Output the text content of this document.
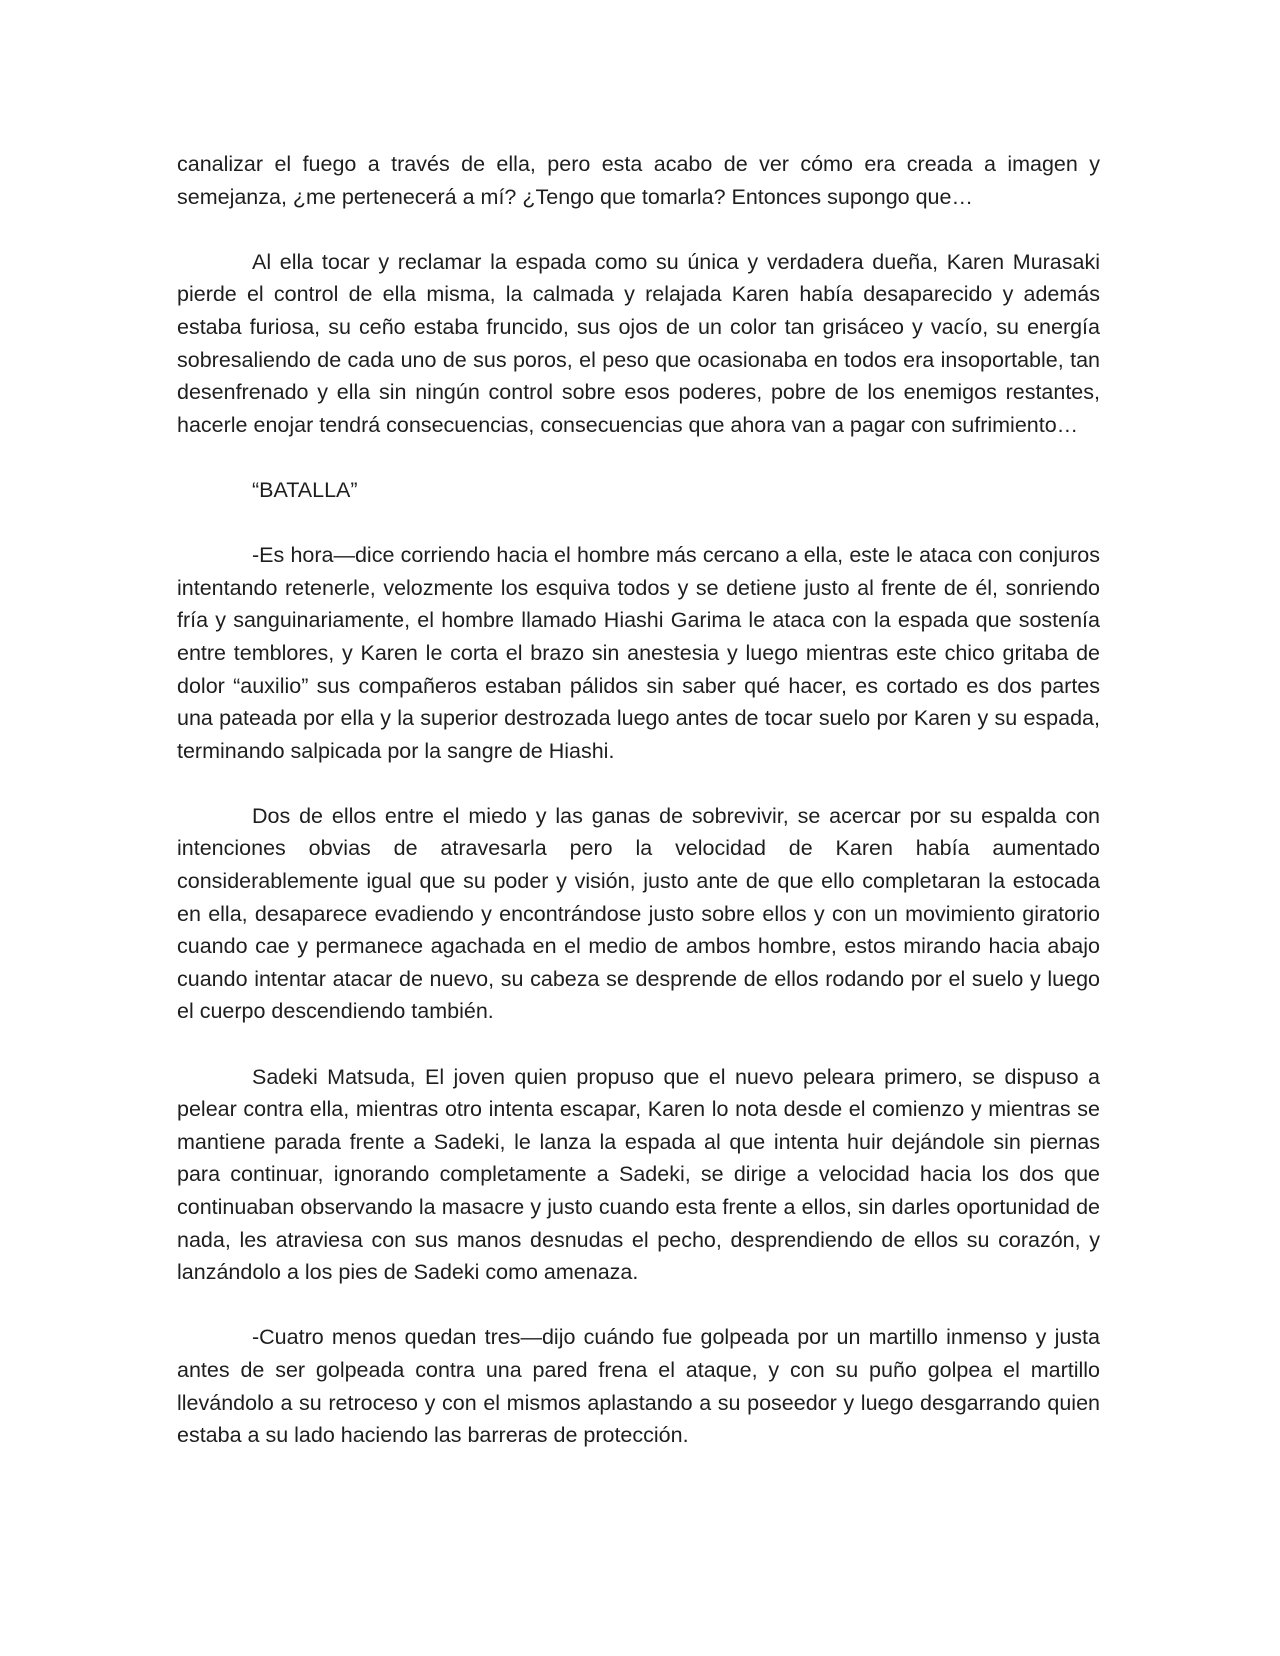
canalizar el fuego a través de ella, pero esta acabo de ver cómo era creada a imagen y semejanza, ¿me pertenecerá a mí? ¿Tengo que tomarla? Entonces supongo que…

Al ella tocar y reclamar la espada como su única y verdadera dueña, Karen Murasaki pierde el control de ella misma, la calmada y relajada Karen había desaparecido y además estaba furiosa, su ceño estaba fruncido, sus ojos de un color tan grisáceo y vacío, su energía sobresaliendo de cada uno de sus poros, el peso que ocasionaba en todos era insoportable, tan desenfrenado y ella sin ningún control sobre esos poderes, pobre de los enemigos restantes, hacerle enojar tendrá consecuencias, consecuencias que ahora van a pagar con sufrimiento…

“BATALLA”

-Es hora—dice corriendo hacia el hombre más cercano a ella, este le ataca con conjuros intentando retenerle, velozmente los esquiva todos y se detiene justo al frente de él, sonriendo fría y sanguinariamente, el hombre llamado Hiashi Garima le ataca con la espada que sostenía entre temblores, y Karen le corta el brazo sin anestesia y luego mientras este chico gritaba de dolor “auxilio” sus compañeros estaban pálidos sin saber qué hacer, es cortado es dos partes una pateada por ella y la superior destrozada luego antes de tocar suelo por Karen y su espada, terminando salpicada por la sangre de Hiashi.

Dos de ellos entre el miedo y las ganas de sobrevivir, se acercar por su espalda con intenciones obvias de atravesarla pero la velocidad de Karen había aumentado considerablemente igual que su poder y visión, justo ante de que ello completaran la estocada en ella, desaparece evadiendo y encontrándose justo sobre ellos y con un movimiento giratorio cuando cae y permanece agachada en el medio de ambos hombre, estos mirando hacia abajo cuando intentar atacar de nuevo, su cabeza se desprende de ellos rodando por el suelo y luego el cuerpo descendiendo también.

Sadeki Matsuda, El joven quien propuso que el nuevo peleara primero, se dispuso a pelear contra ella, mientras otro intenta escapar, Karen lo nota desde el comienzo y mientras se mantiene parada frente a Sadeki, le lanza la espada al que intenta huir dejándole sin piernas para continuar, ignorando completamente a Sadeki, se dirige a velocidad hacia los dos que continuaban observando la masacre y justo cuando esta frente a ellos, sin darles oportunidad de nada, les atraviesa con sus manos desnudas el pecho, desprendiendo de ellos su corazón, y lanzándolo a los pies de Sadeki como amenaza.

-Cuatro menos quedan tres—dijo cuándo fue golpeada por un martillo inmenso y justa antes de ser golpeada contra una pared frena el ataque, y con su puño golpea el martillo llevándolo a su retroceso y con el mismos aplastando a su poseedor y luego desgarrando quien estaba a su lado haciendo las barreras de protección.
